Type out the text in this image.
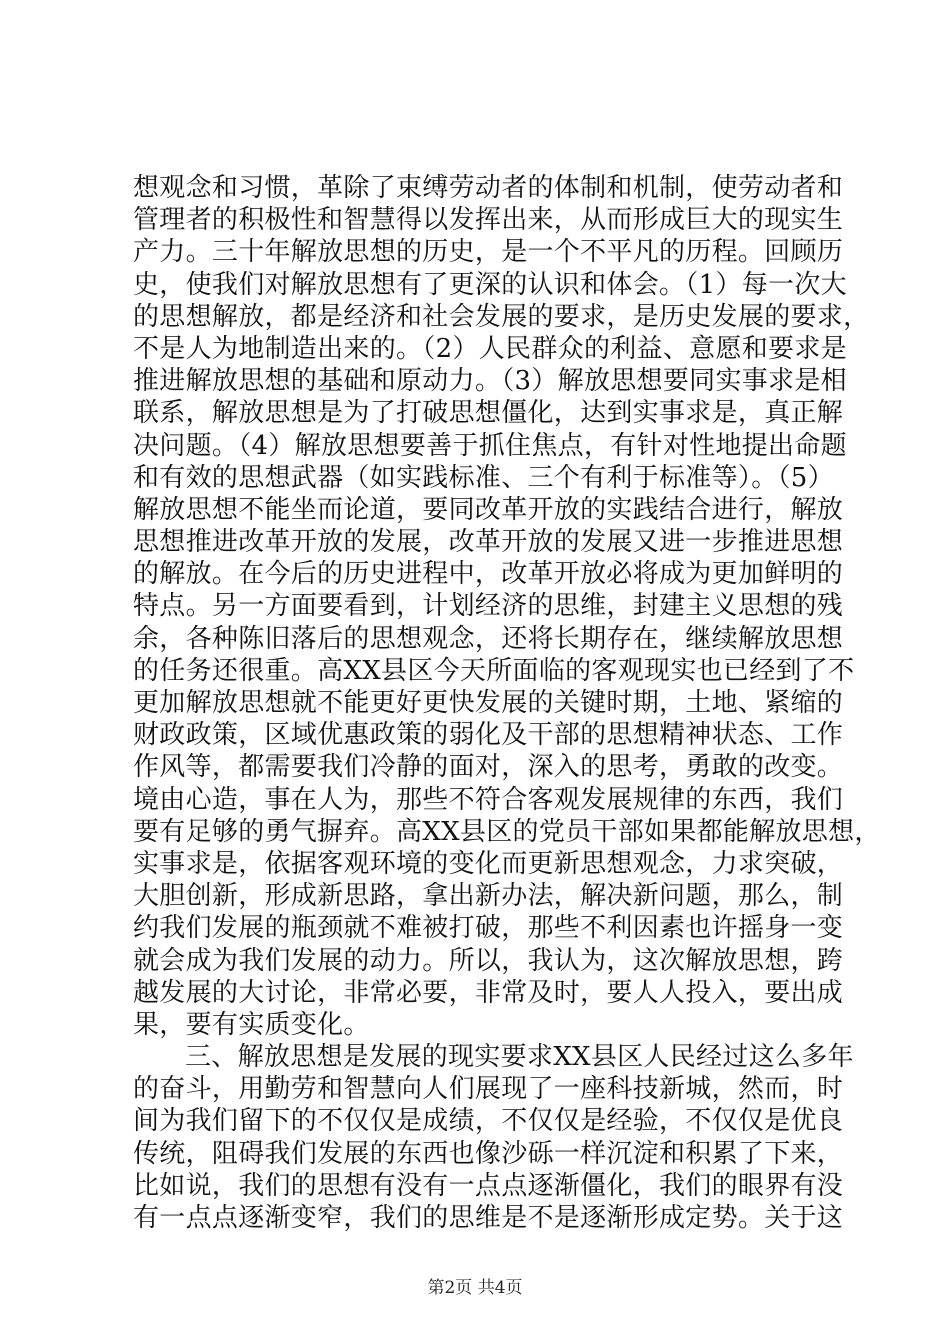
想观念和习惯，革除了束缚劳动者的体制和机制，使劳动者和
管理者的积极性和智慧得以发挥出来，从而形成巨大的现实生
产力。三十年解放思想的历史，是一个不平凡的历程。回顾历
史，使我们对解放思想有了更深的认识和体会。（1）每一次大
的思想解放，都是经济和社会发展的要求，是历史发展的要求，
不是人为地制造出来的。（2）人民群众的利益、意愿和要求是
推进解放思想的基础和原动力。（3）解放思想要同实事求是相
联系，解放思想是为了打破思想僵化，达到实事求是，真正解
决问题。（4）解放思想要善于抓住焦点，有针对性地提出命题
和有效的思想武器（如实践标准、三个有利于标准等）。（5）
解放思想不能坐而论道，要同改革开放的实践结合进行，解放
思想推进改革开放的发展，改革开放的发展又进一步推进思想
的解放。在今后的历史进程中，改革开放必将成为更加鲜明的
特点。另一方面要看到，计划经济的思维，封建主义思想的残
余，各种陈旧落后的思想观念，还将长期存在，继续解放思想
的任务还很重。高XX县区今天所面临的客观现实也已经到了不
更加解放思想就不能更好更快发展的关键时期，土地、紧缩的
财政政策，区域优惠政策的弱化及干部的思想精神状态、工作
作风等，都需要我们冷静的面对，深入的思考，勇敢的改变。
境由心造，事在人为，那些不符合客观发展规律的东西，我们
要有足够的勇气摒弃。高XX县区的党员干部如果都能解放思想，
实事求是，依据客观环境的变化而更新思想观念，力求突破，
大胆创新，形成新思路，拿出新办法，解决新问题，那么，制
约我们发展的瓶颈就不难被打破，那些不利因素也许摇身一变
就会成为我们发展的动力。所以，我认为，这次解放思想，跨
越发展的大讨论，非常必要，非常及时，要人人投入，要出成
果，要有实质变化。
三、解放思想是发展的现实要求XX县区人民经过这么多年
的奋斗，用勤劳和智慧向人们展现了一座科技新城，然而，时
间为我们留下的不仅仅是成绩，不仅仅是经验，不仅仅是优良
传统，阻碍我们发展的东西也像沙砾一样沉淀和积累了下来，
比如说，我们的思想有没有一点点逐渐僵化，我们的眼界有没
有一点点逐渐变窄，我们的思维是不是逐渐形成定势。关于这
第2页 共4页
